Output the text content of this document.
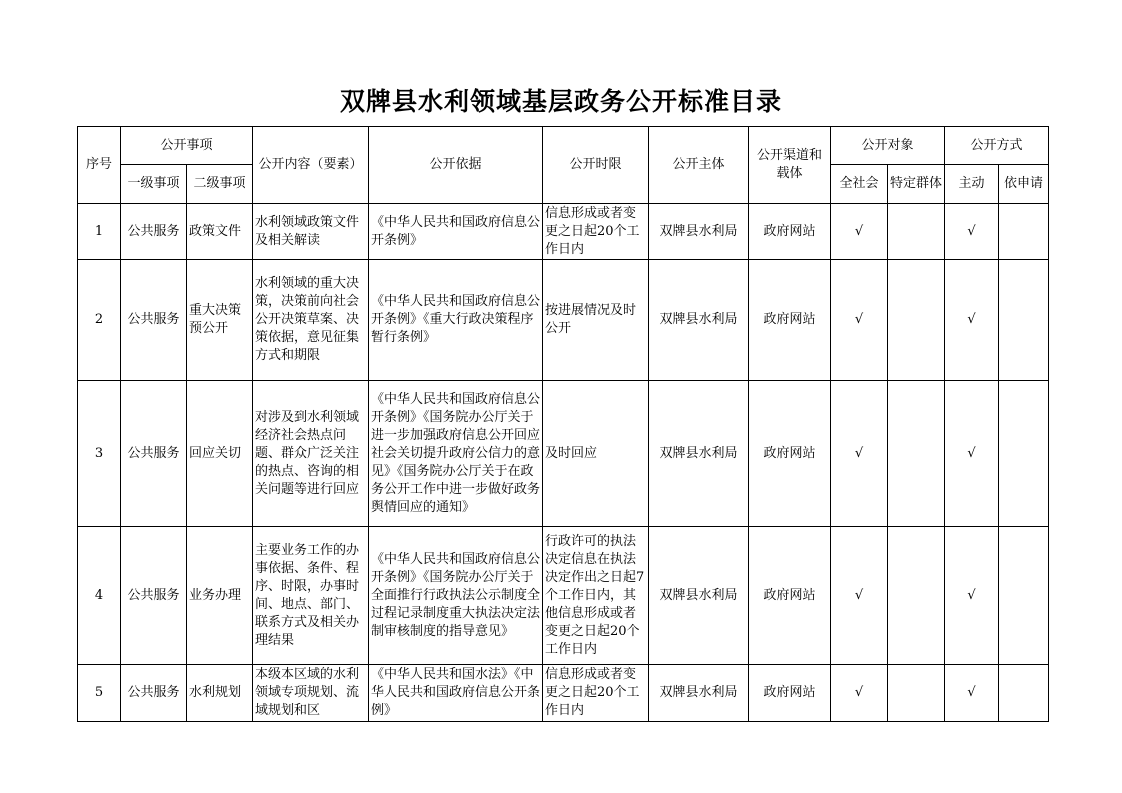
双牌县水利领域基层政务公开标准目录
序号	公开事项		公开内容（要素）	公开依据	公开时限	公开主体	公开渠道和载体	公开对象		公开方式	
	一级事项	二级事项						全社会	特定群体	主动	依申请
1	公共服务	政策文件	水利领域政策文件及相关解读	《中华人民共和国政府信息公开条例》	信息形成或者变更之日起20个工作日内	双牌县水利局	政府网站	√		√	
2	公共服务	重大决策预公开	水利领域的重大决策，决策前向社会公开决策草案、决策依据，意见征集方式和期限	《中华人民共和国政府信息公开条例》《重大行政决策程序暂行条例》	按进展情况及时公开	双牌县水利局	政府网站	√		√	
3	公共服务	回应关切	对涉及到水利领域经济社会热点问题、群众广泛关注的热点、咨询的相关问题等进行回应	《中华人民共和国政府信息公开条例》《国务院办公厅关于进一步加强政府信息公开回应社会关切提升政府公信力的意见》《国务院办公厅关于在政务公开工作中进一步做好政务舆情回应的通知》	及时回应	双牌县水利局	政府网站	√		√	
4	公共服务	业务办理	主要业务工作的办事依据、条件、程序、时限，办事时间、地点、部门、联系方式及相关办理结果	《中华人民共和国政府信息公开条例》《国务院办公厅关于全面推行行政执法公示制度全过程记录制度重大执法决定法制审核制度的指导意见》	行政许可的执法决定信息在执法决定作出之日起7个工作日内，其他信息形成或者变更之日起20个工作日内	双牌县水利局	政府网站	√		√	
5	公共服务	水利规划	本级本区域的水利领域专项规划、流域规划和区	《中华人民共和国水法》《中华人民共和国政府信息公开条例》	信息形成或者变更之日起20个工作日内	双牌县水利局	政府网站	√		√	
